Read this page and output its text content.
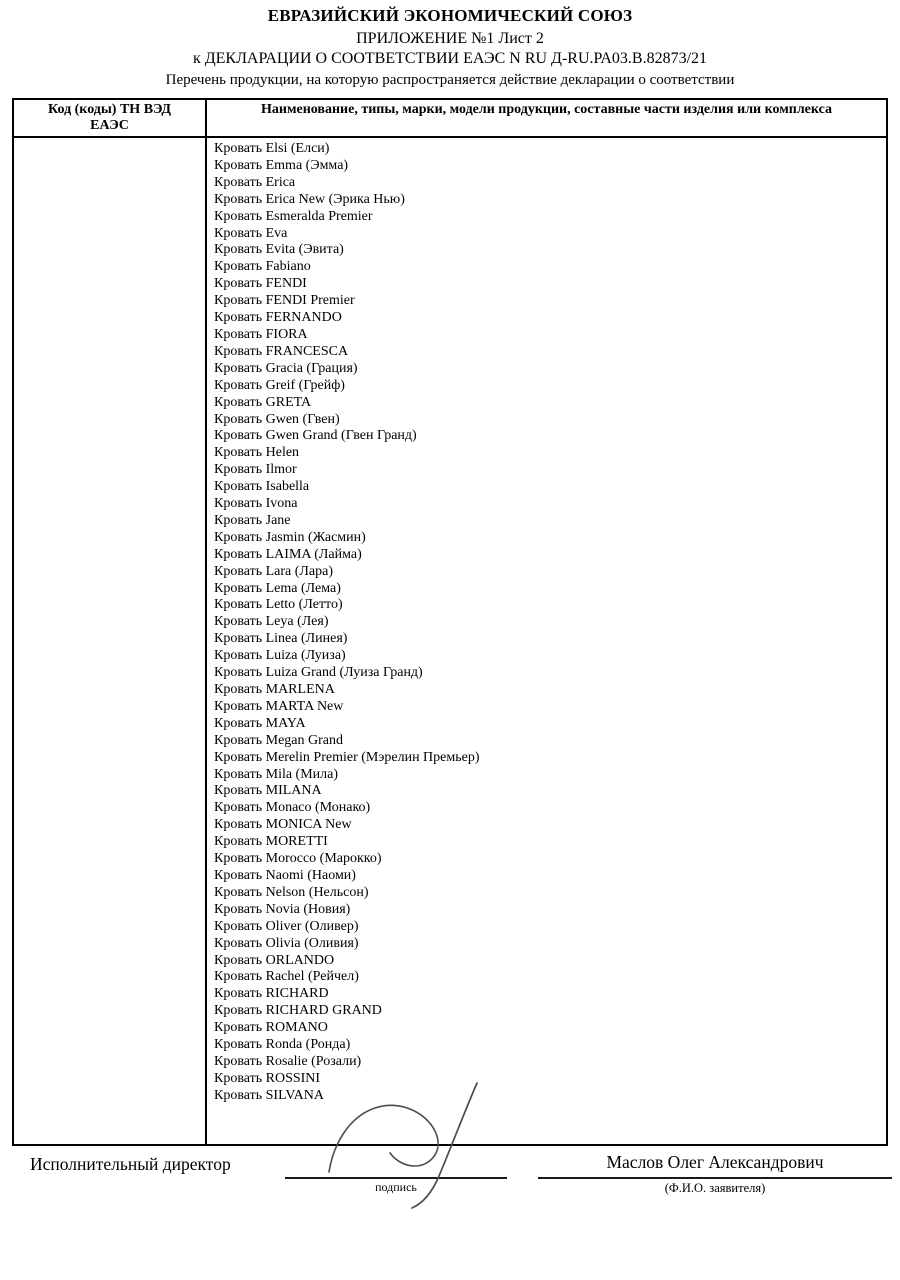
ЕВРАЗИЙСКИЙ ЭКОНОМИЧЕСКИЙ СОЮЗ
ПРИЛОЖЕНИЕ №1 Лист 2
к ДЕКЛАРАЦИИ О СООТВЕТСТВИИ ЕАЭС N RU Д-RU.РА03.В.82873/21
Перечень продукции, на которую распространяется действие декларации о соответствии
Код (коды) ТН ВЭД ЕАЭС
Наименование, типы, марки, модели продукции, составные части изделия или комплекса
Кровать Elsi (Елси)
Кровать Emma (Эмма)
Кровать Erica
Кровать Erica New (Эрика Нью)
Кровать Esmeralda Premier
Кровать Eva
Кровать Evita (Эвита)
Кровать Fabiano
Кровать FENDI
Кровать FENDI Premier
Кровать FERNANDO
Кровать FIORA
Кровать FRANCESCA
Кровать Gracia (Грация)
Кровать Greif (Грейф)
Кровать GRETA
Кровать Gwen (Гвен)
Кровать Gwen Grand (Гвен Гранд)
Кровать Helen
Кровать Ilmor
Кровать Isabella
Кровать Ivona
Кровать Jane
Кровать Jasmin (Жасмин)
Кровать LAIMA (Лайма)
Кровать Lara (Лара)
Кровать Lema (Лема)
Кровать Letto (Летто)
Кровать Leya (Лея)
Кровать Linea (Линея)
Кровать Luiza (Луиза)
Кровать Luiza Grand (Луиза Гранд)
Кровать MARLENA
Кровать MARTA New
Кровать MAYA
Кровать Megan Grand
Кровать Merelin Premier (Мэрелин Премьер)
Кровать Mila (Мила)
Кровать MILANA
Кровать Monaco (Монако)
Кровать MONICA New
Кровать MORETTI
Кровать Morocco (Марокко)
Кровать Naomi (Наоми)
Кровать Nelson (Нельсон)
Кровать Novia (Новия)
Кровать Oliver (Оливер)
Кровать Olivia (Оливия)
Кровать ORLANDO
Кровать Rachel (Рейчел)
Кровать RICHARD
Кровать RICHARD GRAND
Кровать ROMANO
Кровать Ronda (Ронда)
Кровать Rosalie (Розали)
Кровать ROSSINI
Кровать SILVANA
Исполнительный директор
подпись
Маслов Олег Александрович
(Ф.И.О. заявителя)
